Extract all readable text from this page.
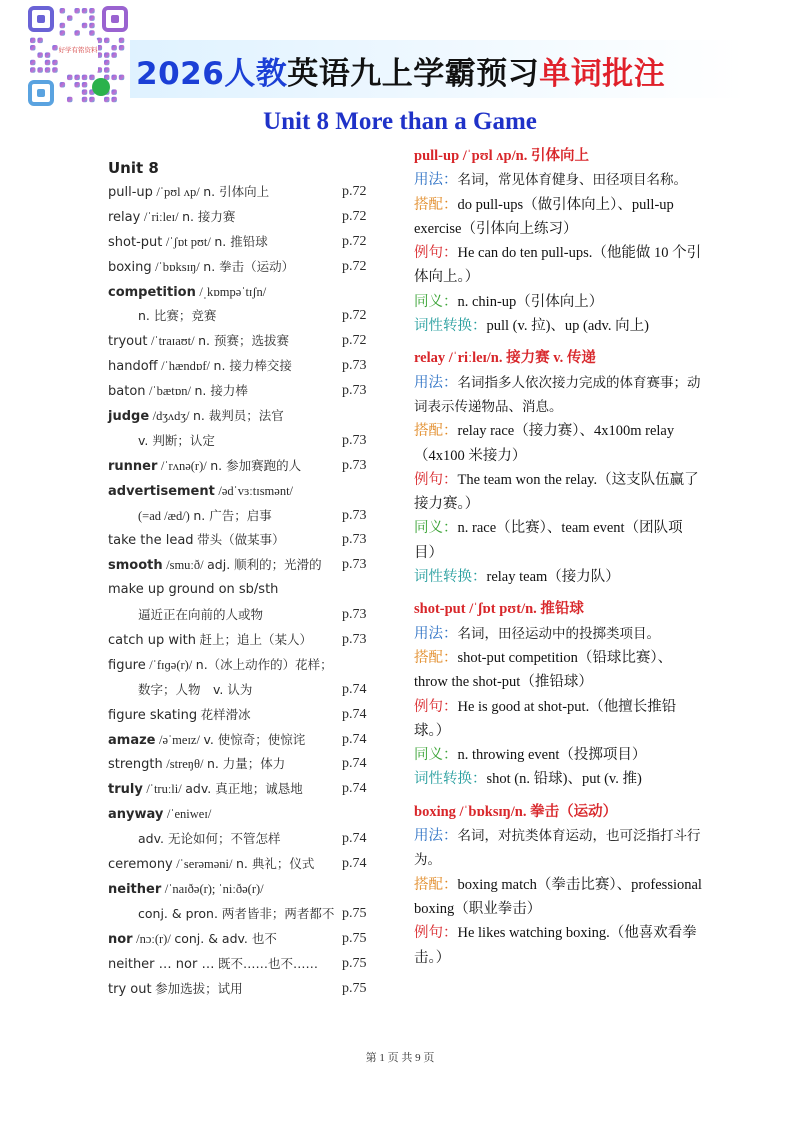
好学有铭资料
2026人教英语九上学霸预习单词批注
Unit 8 More than a Game
Unit 8
pull-up /ˈpʊl ʌp/ n. 引体向上	p.72
relay /ˈriːleɪ/ n. 接力赛	p.72
shot-put /ˈʃɒt pʊt/ n. 推铅球	p.72
boxing /ˈbɒksɪŋ/ n. 拳击（运动）	p.72
competition /ˌkɒmpəˈtɪʃn/
n. 比赛；竞赛	p.72
tryout /ˈtraɪaʊt/ n. 预赛；选拔赛	p.72
handoff /ˈhændɒf/ n. 接力棒交接	p.73
baton /ˈbætɒn/ n. 接力棒	p.73
judge /dʒʌdʒ/ n. 裁判员；法官
v. 判断；认定	p.73
runner /ˈrʌnə(r)/ n. 参加赛跑的人	p.73
advertisement /ədˈvɜːtɪsmənt/
(=ad /æd/) n. 广告；启事	p.73
take the lead 带头（做某事）	p.73
smooth /smuːð/ adj. 顺利的；光滑的 p.73
make up ground on sb/sth
逼近正在向前的人或物	p.73
catch up with 赶上；追上（某人） p.73
figure /ˈfɪɡə(r)/ n.（冰上动作的）花样；
数字；人物　v. 认为	p.74
figure skating 花样滑冰	p.74
amaze /əˈmeɪz/ v. 使惊奇；使惊诧	p.74
strength /streŋθ/ n. 力量；体力	p.74
truly /ˈtruːli/ adv. 真正地；诚恳地	p.74
anyway /ˈeniweɪ/
adv. 无论如何；不管怎样	p.74
ceremony /ˈserəməni/ n. 典礼；仪式 p.74
neither /ˈnaɪðə(r); ˈniːðə(r)/
conj. & pron. 两者皆非；两者都不 p.75
nor /nɔː(r)/ conj. & adv. 也不	p.75
neither … nor … 既不……也不…… p.75
try out 参加选拔；试用	p.75
pull-up /ˈpʊl ʌp/n. 引体向上
用法：名词，常见体育健身、田径项目名称。
搭配：do pull-ups（做引体向上）、pull-up exercise（引体向上练习）
例句：He can do ten pull-ups.（他能做 10 个引体向上。）
同义：n. chin-up（引体向上）
词性转换：pull (v. 拉)、up (adv. 向上)
relay /ˈriːleɪ/n. 接力赛 v. 传递
用法：名词指多人依次接力完成的体育赛事；动词表示传递物品、消息。
搭配：relay race（接力赛）、4x100m relay（4x100 米接力）
例句：The team won the relay.（这支队伍赢了接力赛。）
同义：n. race（比赛）、team event（团队项目）
词性转换：relay team（接力队）
shot-put /ˈʃɒt pʊt/n. 推铅球
用法：名词，田径运动中的投掷类项目。
搭配：shot-put competition（铅球比赛）、throw the shot-put（推铅球）
例句：He is good at shot-put.（他擅长推铅球。）
同义：n. throwing event（投掷项目）
词性转换：shot (n. 铅球)、put (v. 推)
boxing /ˈbɒksɪŋ/n. 拳击（运动）
用法：名词，对抗类体育运动，也可泛指打斗行为。
搭配：boxing match（拳击比赛）、professional boxing（职业拳击）
例句：He likes watching boxing.（他喜欢看拳击。）
第 1 页 共 9 页
